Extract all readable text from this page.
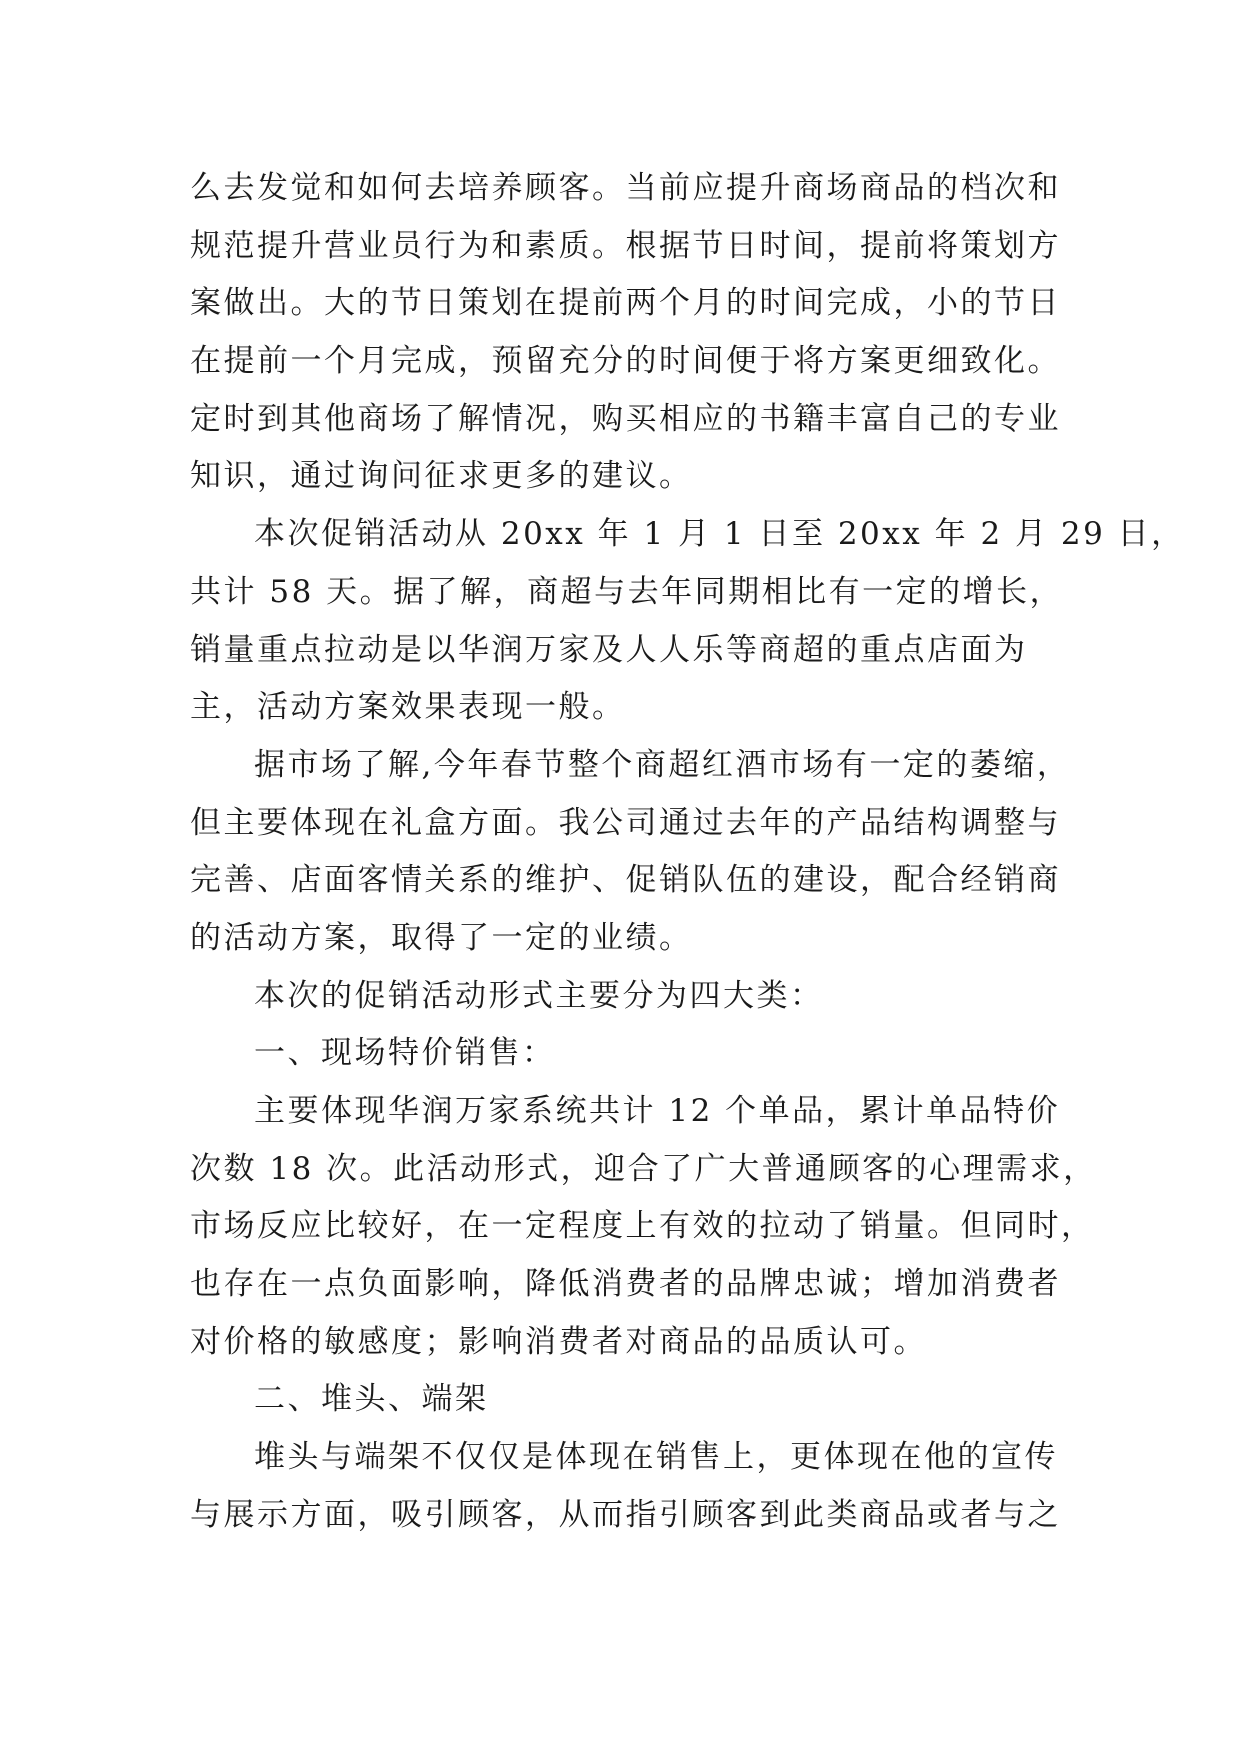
么去发觉和如何去培养顾客。当前应提升商场商品的档次和
规范提升营业员行为和素质。根据节日时间，提前将策划方
案做出。大的节日策划在提前两个月的时间完成，小的节日
在提前一个月完成，预留充分的时间便于将方案更细致化。
定时到其他商场了解情况，购买相应的书籍丰富自己的专业
知识，通过询问征求更多的建议。
本次促销活动从 20xx 年 1 月 1 日至 20xx 年 2 月 29 日，
共计 58 天。据了解，商超与去年同期相比有一定的增长，
销量重点拉动是以华润万家及人人乐等商超的重点店面为
主，活动方案效果表现一般。
据市场了解,今年春节整个商超红酒市场有一定的萎缩，
但主要体现在礼盒方面。我公司通过去年的产品结构调整与
完善、店面客情关系的维护、促销队伍的建设，配合经销商
的活动方案，取得了一定的业绩。
本次的促销活动形式主要分为四大类：
一、现场特价销售：
主要体现华润万家系统共计 12 个单品，累计单品特价
次数 18 次。此活动形式，迎合了广大普通顾客的心理需求，
市场反应比较好，在一定程度上有效的拉动了销量。但同时，
也存在一点负面影响，降低消费者的品牌忠诚；增加消费者
对价格的敏感度；影响消费者对商品的品质认可。
二、堆头、端架
堆头与端架不仅仅是体现在销售上，更体现在他的宣传
与展示方面，吸引顾客，从而指引顾客到此类商品或者与之
